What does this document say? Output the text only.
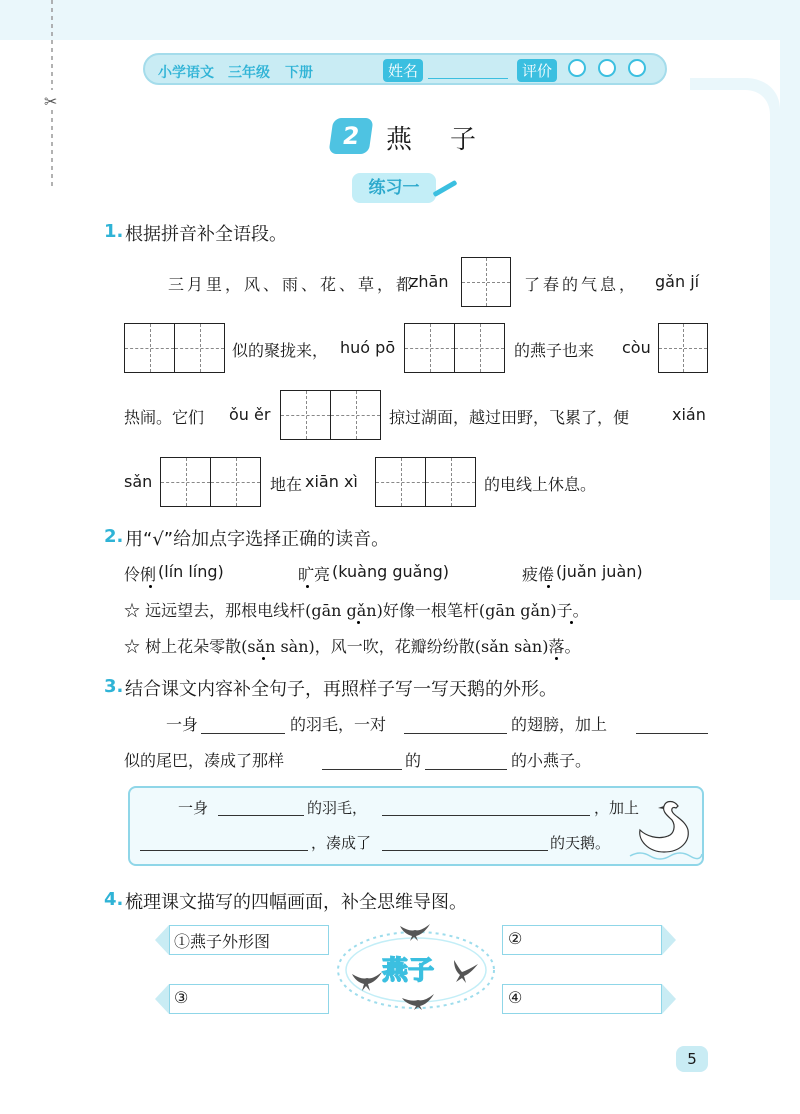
✂
小学语文 三年级 下册	姓名	评价
2 燕子
练习一
1. 根据拼音补全语段。
三月里，风、雨、花、草，都
zhān	了春的气息， gǎn jí
似的聚拢来， huó pō	的燕子也来 còu
热闹。它们 ǒu ěr	掠过湖面，越过田野，飞累了，便	xián
sǎn	地在 xiān xì	的电线上休息。
2. 用“√”给加点字选择正确的读音。
伶俐 (lín líng)	旷亮 (kuàng guǎng)	疲倦 (juǎn juàn)
☆ 远远望去，那根电线杆(gān gǎn)好像一根笔杆(gān gǎn)子。
☆ 树上花朵零散(sǎn sàn)，风一吹，花瓣纷纷散(sǎn sàn)落。
3. 结合课文内容补全句子，再照样子写一写天鹅的外形。
一身	的羽毛，一对	的翅膀，加上
似的尾巴，凑成了那样	的	的小燕子。
一身	的羽毛，	，加上
，凑成了	的天鹅。
4. 梳理课文描写的四幅画面，补全思维导图。
①燕子外形图	②
③	④
燕子
5
